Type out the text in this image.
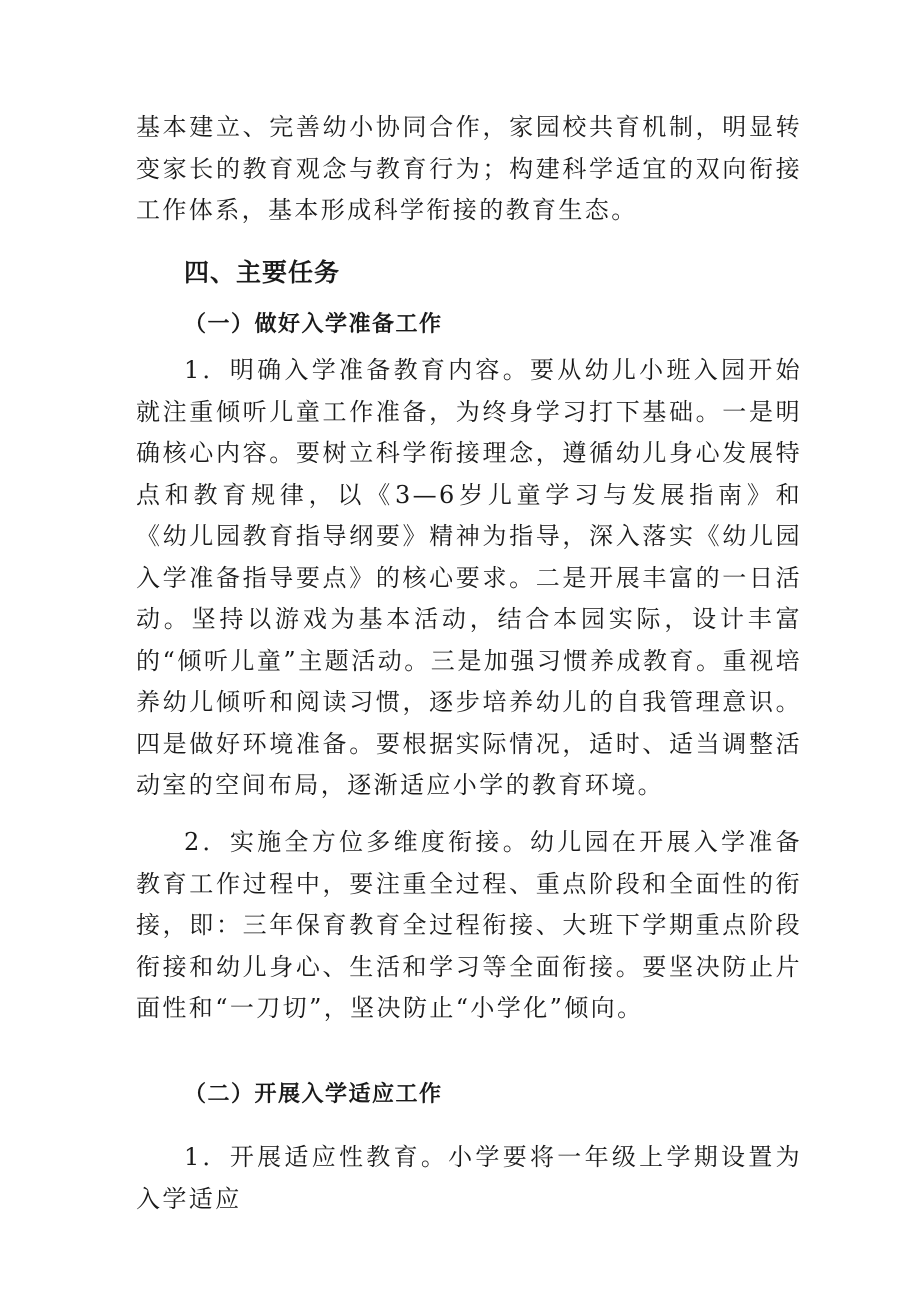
基本建立、完善幼小协同合作，家园校共育机制，明显转变家长的教育观念与教育行为；构建科学适宜的双向衔接工作体系，基本形成科学衔接的教育生态。

四、主要任务
（一）做好入学准备工作

1．明确入学准备教育内容。要从幼儿小班入园开始就注重倾听儿童工作准备，为终身学习打下基础。一是明确核心内容。要树立科学衔接理念，遵循幼儿身心发展特点和教育规律，以《3—6岁儿童学习与发展指南》和《幼儿园教育指导纲要》精神为指导，深入落实《幼儿园入学准备指导要点》的核心要求。二是开展丰富的一日活动。坚持以游戏为基本活动，结合本园实际，设计丰富的“倾听儿童”主题活动。三是加强习惯养成教育。重视培养幼儿倾听和阅读习惯，逐步培养幼儿的自我管理意识。四是做好环境准备。要根据实际情况，适时、适当调整活动室的空间布局，逐渐适应小学的教育环境。

2．实施全方位多维度衔接。幼儿园在开展入学准备教育工作过程中，要注重全过程、重点阶段和全面性的衔接，即：三年保育教育全过程衔接、大班下学期重点阶段衔接和幼儿身心、生活和学习等全面衔接。要坚决防止片面性和“一刀切”，坚决防止“小学化”倾向。

（二）开展入学适应工作

1．开展适应性教育。小学要将一年级上学期设置为入学适应
